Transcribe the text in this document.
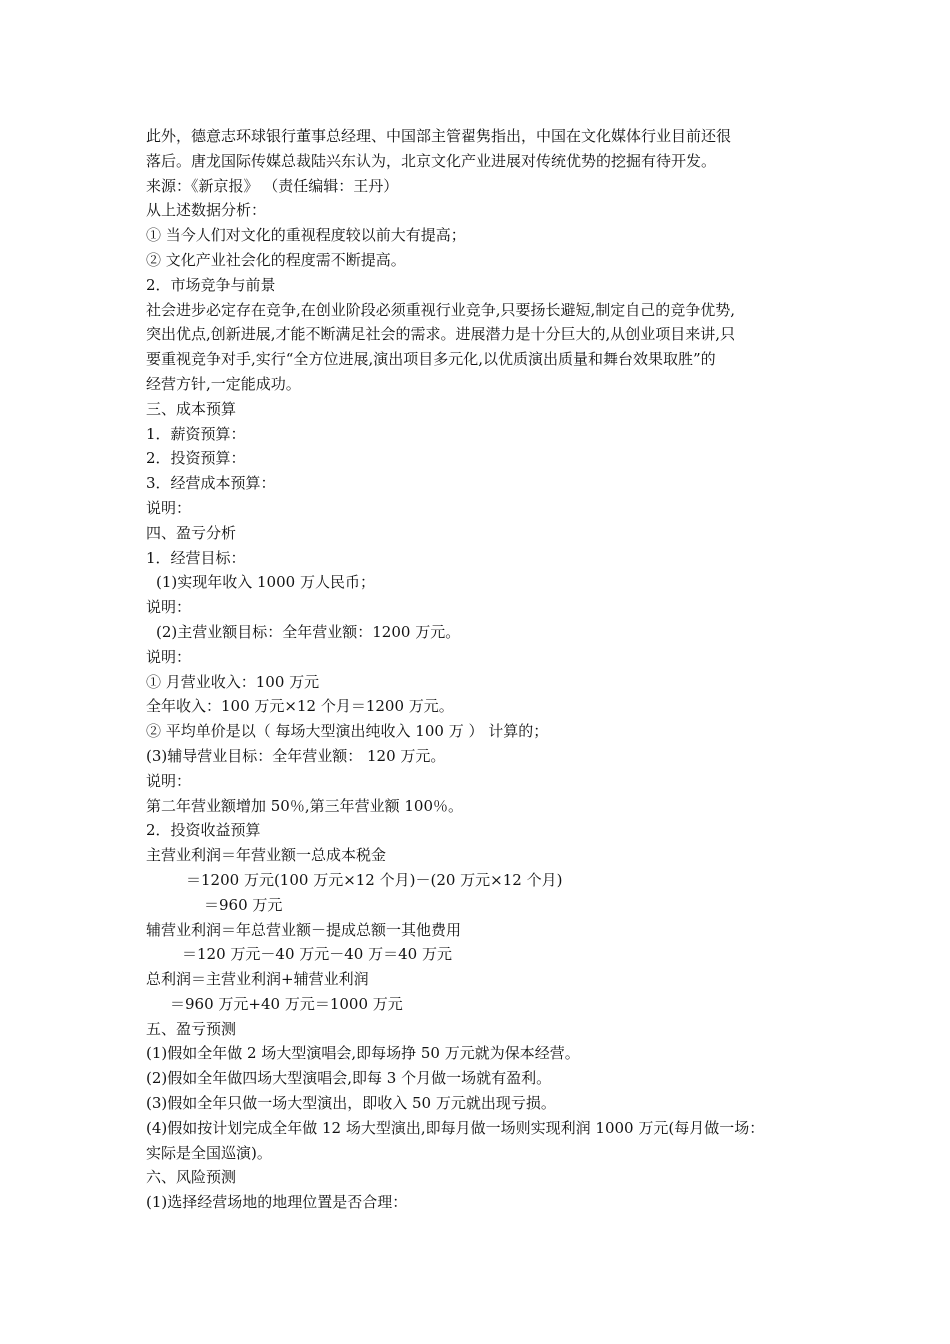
此外，德意志环球银行董事总经理、中国部主管翟隽指出，中国在文化媒体行业目前还很
落后。唐龙国际传媒总裁陆兴东认为，北京文化产业进展对传统优势的挖掘有待开发。
来源：《新京报》 （责任编辑：王丹）
从上述数据分析：
① 当今人们对文化的重视程度较以前大有提高；
② 文化产业社会化的程度需不断提高。
2．市场竞争与前景
社会进步必定存在竞争,在创业阶段必须重视行业竞争,只要扬长避短,制定自己的竞争优势,
突出优点,创新进展,才能不断满足社会的需求。进展潜力是十分巨大的,从创业项目来讲,只
要重视竞争对手,实行“全方位进展,演出项目多元化,以优质演出质量和舞台效果取胜”的
经营方针,一定能成功。
三、成本预算
1．薪资预算：
2．投资预算：
3．经营成本预算：
说明：
四、盈亏分析
1．经营目标：
(1)实现年收入 1000 万人民币；
说明：
(2)主营业额目标：全年营业额：1200 万元。
说明：
① 月营业收入：100 万元
全年收入：100 万元×12 个月＝1200 万元。
② 平均单价是以（ 每场大型演出纯收入 100 万 ） 计算的；
(3)辅导营业目标：全年营业额： 120 万元。
说明：
第二年营业额增加 50％,第三年营业额 100％。
2．投资收益预算
主营业利润＝年营业额一总成本税金
＝1200 万元(100 万元×12 个月)－(20 万元×12 个月)
＝960 万元
辅营业利润＝年总营业额－提成总额一其他费用
＝120 万元－40 万元－40 万＝40 万元
总利润＝主营业利润+辅营业利润
＝960 万元+40 万元＝1000 万元
五、盈亏预测
(1)假如全年做 2 场大型演唱会,即每场挣 50 万元就为保本经营。
(2)假如全年做四场大型演唱会,即每 3 个月做一场就有盈利。
(3)假如全年只做一场大型演出，即收入 50 万元就出现亏损。
(4)假如按计划完成全年做 12 场大型演出,即每月做一场则实现利润 1000 万元(每月做一场：
实际是全国巡演)。
六、风险预测
(1)选择经营场地的地理位置是否合理：
